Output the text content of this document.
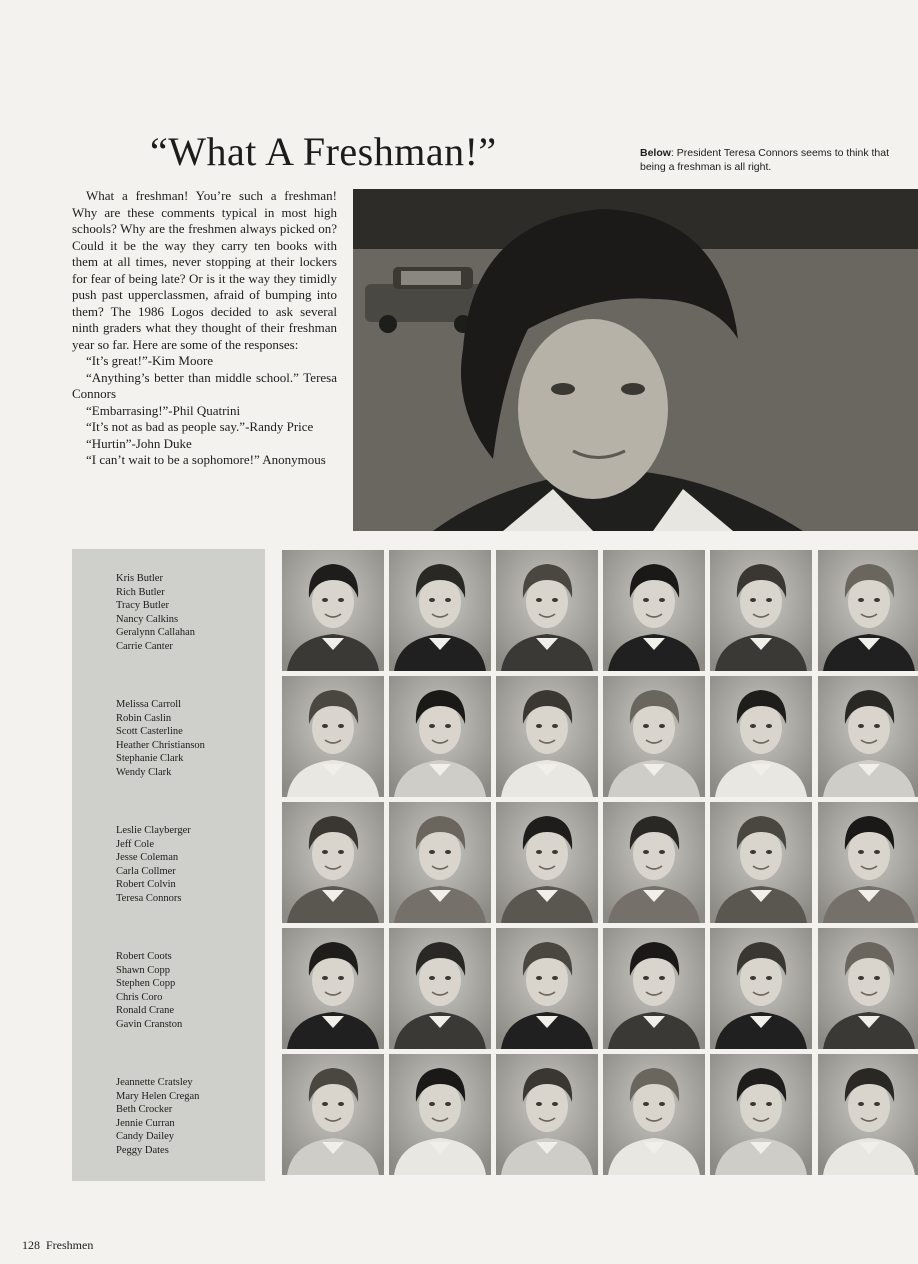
“What A Freshman!”	Below: President Teresa Connors seems to think that being a freshman is all right.

What a freshman! You’re such a freshman! Why are these comments typical in most high schools? Why are the freshmen always picked on? Could it be the way they carry ten books with them at all times, never stopping at their lockers for fear of being late? Or is it the way they timidly push past upperclassmen, afraid of bumping into them? The 1986 Logos decided to ask several ninth graders what they thought of their freshman year so far. Here are some of the responses:

“It’s great!”-Kim Moore

“Anything’s better than middle school.” Teresa Connors

“Embarrasing!”-Phil Quatrini

“It’s not as bad as people say.”-Randy Price

“Hurtin”-John Duke

“I can’t wait to be a sophomore!” Anonymous

Kris Butler
Rich Butler
Tracy Butler
Nancy Calkins
Geralynn Callahan
Carrie Canter
Melissa Carroll
Robin Caslin
Scott Casterline
Heather Christianson
Stephanie Clark
Wendy Clark
Leslie Clayberger
Jeff Cole
Jesse Coleman
Carla Collmer
Robert Colvin
Teresa Connors
Robert Coots
Shawn Copp
Stephen Copp
Chris Coro
Ronald Crane
Gavin Cranston
Jeannette Cratsley
Mary Helen Cregan
Beth Crocker
Jennie Curran
Candy Dailey
Peggy Dates
128 Freshmen
